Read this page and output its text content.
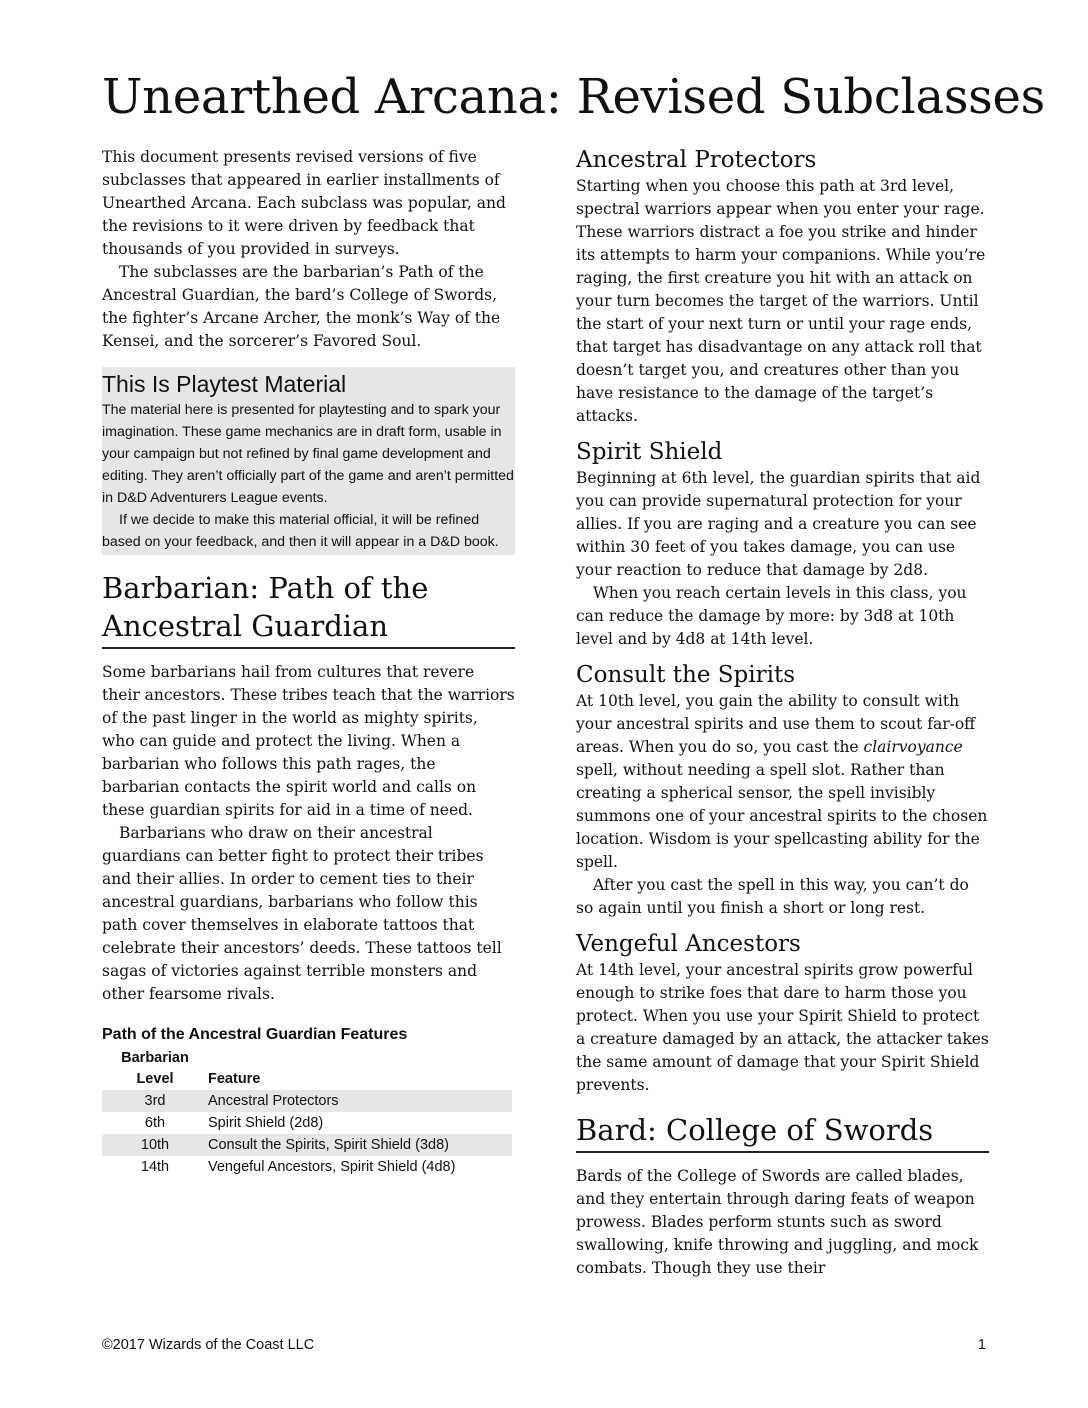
Unearthed Arcana: Revised Subclasses

This document presents revised versions of five subclasses that appeared in earlier installments of Unearthed Arcana. Each subclass was popular, and the revisions to it were driven by feedback that thousands of you provided in surveys.

The subclasses are the barbarian’s Path of the Ancestral Guardian, the bard’s College of Swords, the fighter’s Arcane Archer, the monk’s Way of the Kensei, and the sorcerer’s Favored Soul.

This Is Playtest Material

The material here is presented for playtesting and to spark your imagination. These game mechanics are in draft form, usable in your campaign but not refined by final game development and editing. They aren’t officially part of the game and aren’t permitted in D&D Adventurers League events.

If we decide to make this material official, it will be refined based on your feedback, and then it will appear in a D&D book.

Barbarian: Path of the Ancestral Guardian

Some barbarians hail from cultures that revere their ancestors. These tribes teach that the warriors of the past linger in the world as mighty spirits, who can guide and protect the living. When a barbarian who follows this path rages, the barbarian contacts the spirit world and calls on these guardian spirits for aid in a time of need.

Barbarians who draw on their ancestral guardians can better fight to protect their tribes and their allies. In order to cement ties to their ancestral guardians, barbarians who follow this path cover themselves in elaborate tattoos that celebrate their ancestors’ deeds. These tattoos tell sagas of victories against terrible monsters and other fearsome rivals.

Path of the Ancestral Guardian Features
Barbarian
Level	Feature
3rd	Ancestral Protectors
6th	Spirit Shield (2d8)
10th	Consult the Spirits, Spirit Shield (3d8)
14th	Vengeful Ancestors, Spirit Shield (4d8)
Ancestral Protectors

Starting when you choose this path at 3rd level, spectral warriors appear when you enter your rage. These warriors distract a foe you strike and hinder its attempts to harm your companions. While you’re raging, the first creature you hit with an attack on your turn becomes the target of the warriors. Until the start of your next turn or until your rage ends, that target has disadvantage on any attack roll that doesn’t target you, and creatures other than you have resistance to the damage of the target’s attacks.

Spirit Shield

Beginning at 6th level, the guardian spirits that aid you can provide supernatural protection for your allies. If you are raging and a creature you can see within 30 feet of you takes damage, you can use your reaction to reduce that damage by 2d8.

When you reach certain levels in this class, you can reduce the damage by more: by 3d8 at 10th level and by 4d8 at 14th level.

Consult the Spirits

At 10th level, you gain the ability to consult with your ancestral spirits and use them to scout far-off areas. When you do so, you cast the clairvoyance spell, without needing a spell slot. Rather than creating a spherical sensor, the spell invisibly summons one of your ancestral spirits to the chosen location. Wisdom is your spellcasting ability for the spell.

After you cast the spell in this way, you can’t do so again until you finish a short or long rest.

Vengeful Ancestors

At 14th level, your ancestral spirits grow powerful enough to strike foes that dare to harm those you protect. When you use your Spirit Shield to protect a creature damaged by an attack, the attacker takes the same amount of damage that your Spirit Shield prevents.

Bard: College of Swords

Bards of the College of Swords are called blades, and they entertain through daring feats of weapon prowess. Blades perform stunts such as sword swallowing, knife throwing and juggling, and mock combats. Though they use their

©2017 Wizards of the Coast LLC	1
